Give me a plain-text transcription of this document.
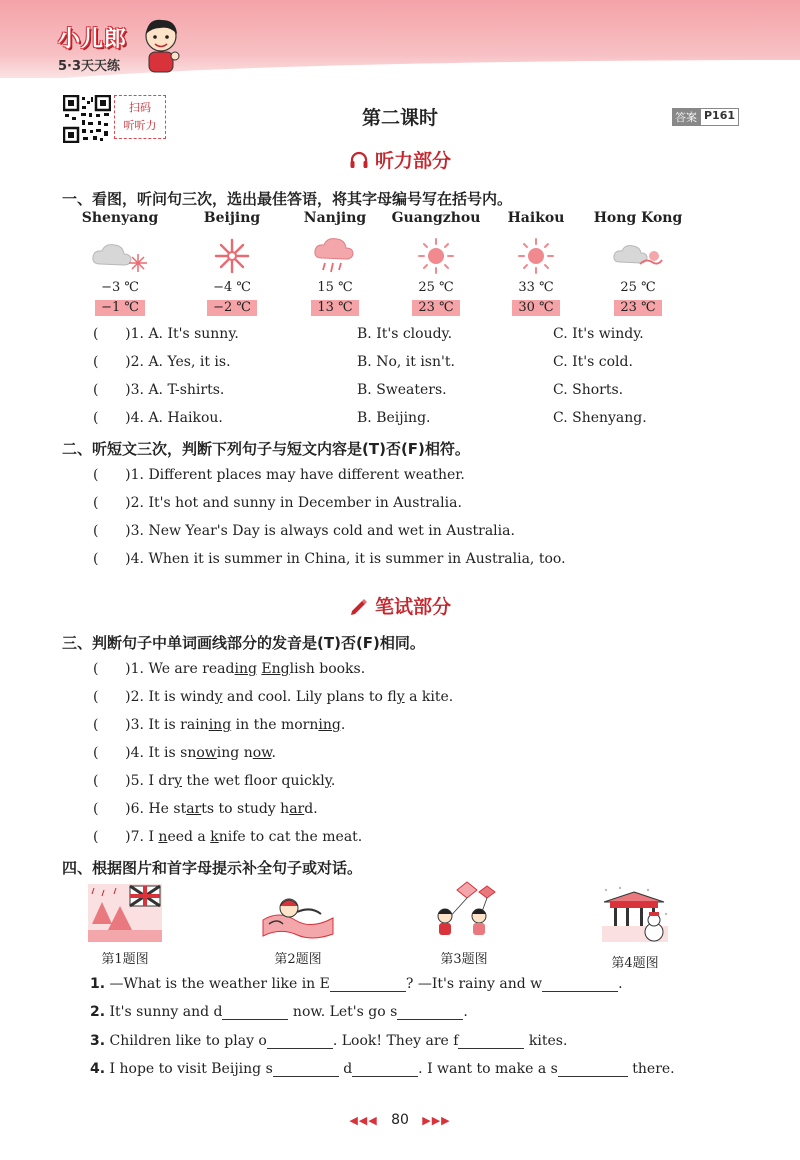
小儿郎
5·3天天练
扫码
听听力	第二课时	答案 P161
听力部分
一、看图，听问句三次，选出最佳答语，将其字母编号写在括号内。
Shenyang
−3 ℃
−1 ℃
Beijing
−4 ℃
−2 ℃
Nanjing
15 ℃
13 ℃
Guangzhou
25 ℃
23 ℃
Haikou
33 ℃
30 ℃
Hong Kong
25 ℃
23 ℃
(      )1. A. It's sunny.	B. It's cloudy.	C. It's windy.
(      )2. A. Yes, it is.	B. No, it isn't.	C. It's cold.
(      )3. A. T-shirts.	B. Sweaters.	C. Shorts.
(      )4. A. Haikou.	B. Beijing.	C. Shenyang.
二、听短文三次，判断下列句子与短文内容是(T)否(F)相符。
(      )1. Different places may have different weather.
(      )2. It's hot and sunny in December in Australia.
(      )3. New Year's Day is always cold and wet in Australia.
(      )4. When it is summer in China, it is summer in Australia, too.
笔试部分
三、判断句子中单词画线部分的发音是(T)否(F)相同。
(      )1. We are reading English books.
(      )2. It is windy and cool. Lily plans to fly a kite.
(      )3. It is raining in the morning.
(      )4. It is snowing now.
(      )5. I dry the wet floor quickly.
(      )6. He starts to study hard.
(      )7. I need a knife to cat the meat.
四、根据图片和首字母提示补全句子或对话。
第1题图	第2题图	第3题图	第4题图
1. —What is the weather like in E	? —It's rainy and w	.
2. It's sunny and d	now. Let's go s	.
3. Children like to play o	. Look! They are f	kites.
4. I hope to visit Beijing s	d	. I want to make a s	there.
◀◀◀ 80 ▶▶▶
